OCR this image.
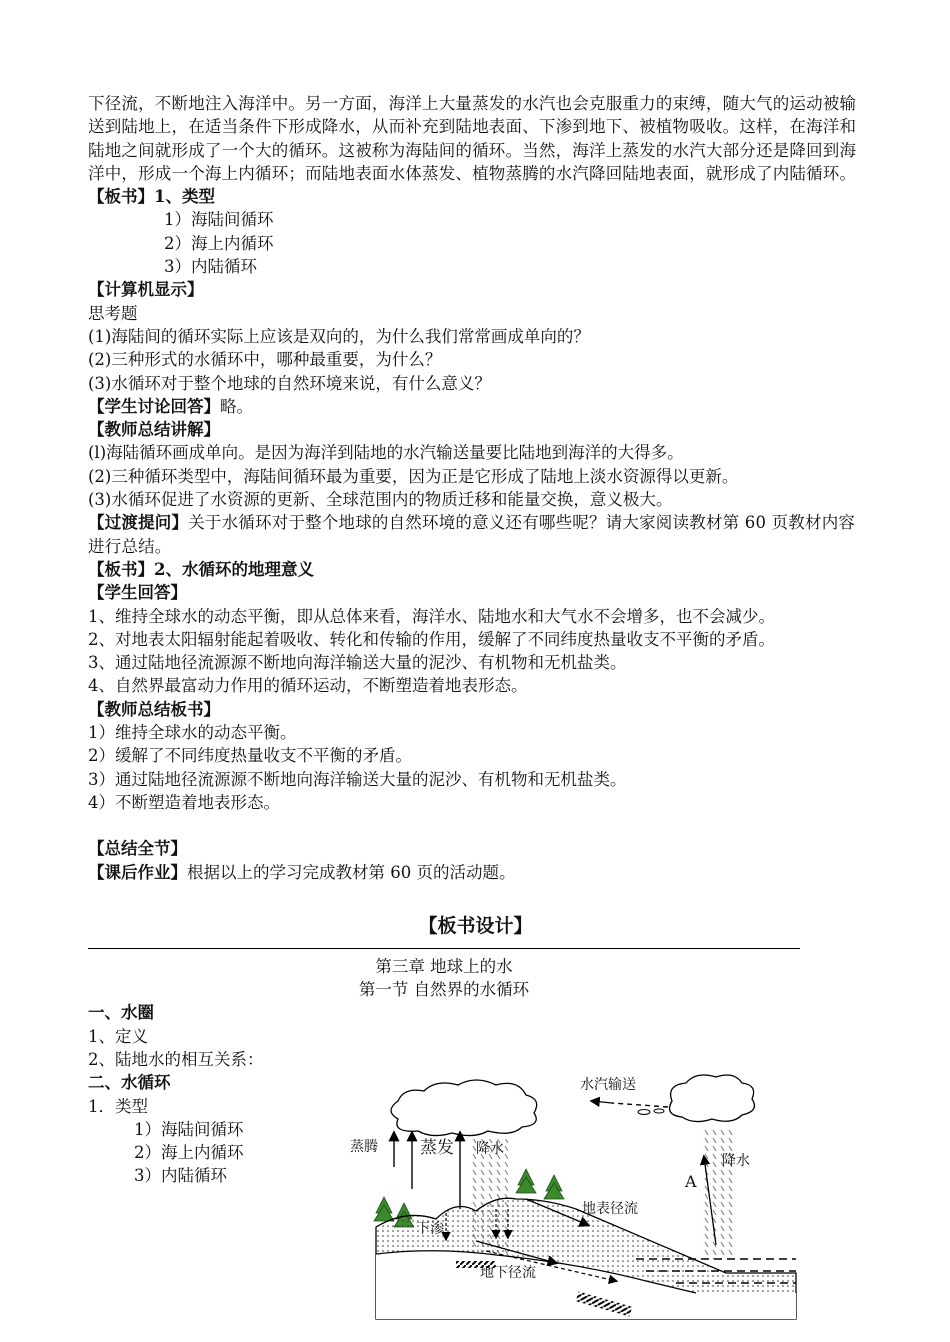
下径流，不断地注入海洋中。另一方面，海洋上大量蒸发的水汽也会克服重力的束缚，随大气的运动被输送到陆地上，在适当条件下形成降水，从而补充到陆地表面、下渗到地下、被植物吸收。这样，在海洋和陆地之间就形成了一个大的循环。这被称为海陆间的循环。当然，海洋上蒸发的水汽大部分还是降回到海洋中，形成一个海上内循环；而陆地表面水体蒸发、植物蒸腾的水汽降回陆地表面，就形成了内陆循环。

【板书】1、类型

1）海陆间循环

2）海上内循环

3）内陆循环

【计算机显示】

思考题

(1)海陆间的循环实际上应该是双向的，为什么我们常常画成单向的？

(2)三种形式的水循环中，哪种最重要，为什么？

(3)水循环对于整个地球的自然环境来说，有什么意义？

【学生讨论回答】略。

【教师总结讲解】

(l)海陆循环画成单向。是因为海洋到陆地的水汽输送量要比陆地到海洋的大得多。

(2)三种循环类型中，海陆间循环最为重要，因为正是它形成了陆地上淡水资源得以更新。

(3)水循环促进了水资源的更新、全球范围内的物质迁移和能量交换，意义极大。

【过渡提问】关于水循环对于整个地球的自然环境的意义还有哪些呢？请大家阅读教材第 60 页教材内容进行总结。

【板书】2、水循环的地理意义

【学生回答】

1、维持全球水的动态平衡，即从总体来看，海洋水、陆地水和大气水不会增多，也不会减少。

2、对地表太阳辐射能起着吸收、转化和传输的作用，缓解了不同纬度热量收支不平衡的矛盾。

3、通过陆地径流源源不断地向海洋输送大量的泥沙、有机物和无机盐类。

4、自然界最富动力作用的循环运动，不断塑造着地表形态。

【教师总结板书】

1）维持全球水的动态平衡。

2）缓解了不同纬度热量收支不平衡的矛盾。

3）通过陆地径流源源不断地向海洋输送大量的泥沙、有机物和无机盐类。

4）不断塑造着地表形态。

【总结全节】

【课后作业】根据以上的学习完成教材第 60 页的活动题。

【板书设计】

第三章 地球上的水

第一节 自然界的水循环

一、水圈

1、定义

2、陆地水的相互关系：

二、水循环

1．类型

1）海陆间循环

2）海上内循环

3）内陆循环

水汽输送
蒸腾 蒸发 降水
降水
A
下渗
地表径流
地下径流
